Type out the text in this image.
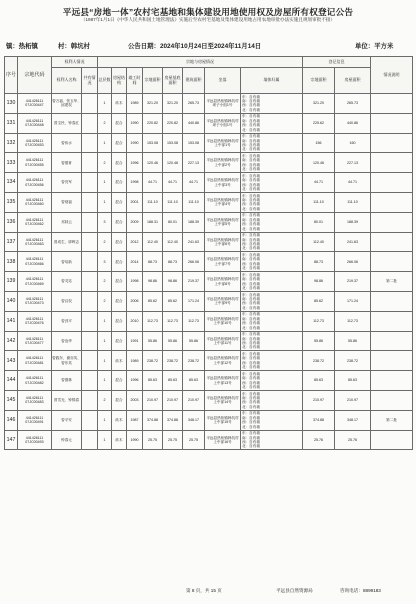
平远县“房地一体”农村宅基地和集体建设用地使用权及房屋所有权登记公告
（1987年1月1日《中华人民共和国土地管理法》实施后至农村宅基地及集体建设用地占用农地审批办法实施且规划审批不接）
镇：热柘镇	村：韩坑村	公告日期：2024年10月24日至2024年11月14日	单位：平方米
序号	宗地代码	权利人情况		宗地与房屋情况								登记信息		情况说明
		权利人名称	共有情况	总层数	房屋结构	竣工时间	宗地面积	房屋基底面积	建筑面积	坐落	墙体归属	宗地面积	房屋面积	
130	441426111 07JC00447	曾万福、张玉华、邱建权		1	砖木	1989	321.20	321.20	265.73	平远县热柘镇韩坑村坝子小组1号	东：自有墙
南：自有墙
西：自有墙
北：自有墙	321.20	265.73	
131	441426111 07JC00448	曾宝民、钟春红		2	混合	1990	220.82	220.82	440.86	平远县热柘镇韩坑村坝子小组1号	东：自有墙
南：自有墙
西：自有墙
北：自有墙	225.62	440.86	
132	441426111 07JC00453	曾伟水		1	混合	1990	153.08	153.08	153.08	平远县热柘镇韩坑村上中部1号	东：自有墙
南：自有墙
西：自有墙
北：自有墙	156	160	
133	441426111 07JC00455	曾德育		2	混合	1996	120.46	120.46	227.13	平远县热柘镇韩坑村上中部2号	东：自有墙
南：自有墙
西：自有墙
北：自有墙	120.46	227.13	
134	441426111 07JC00456	曾亮军		1	混合	1998	44.71	44.71	44.71	平远县热柘镇韩坑村上中部3号	东：自有墙
南：自有墙
西：自有墙
北：自有墙	44.71	44.71	
135	441426111 07JC00460	曾财福		1	混合	2001	111.10	111.10	111.10	平远县热柘镇韩坑村上中部4号	东：自有墙
南：自有墙
西：自有墙
北：自有墙	111.10	111.10	
136	441426111 07JC00462	邓妹云		3	混合	2009	188.31	80.01	188.39	平远县热柘镇韩坑村上中部5号	东：自有墙
南：自有墙
西：自有墙
北：自有墙	80.01	188.39	
137	441426111 07JC00463	曾成生、廖晖志		2	混合	2012	112.40	112.40	241.63	平远县热柘镇韩坑村上中部6号	东：自有墙
南：自有墙
西：自有墙
北：自有墙	112.40	241.63	
138	441426111 07JC00466	曾培新		3	混合	2014	88.73	88.73	266.06	平远县热柘镇韩坑村上中部7号	东：自有墙
南：自有墙
西：自有墙
北：自有墙	88.73	266.06	
139	441426111 07JC00469	曾灵祐		2	混合	1998	98.86	98.86	219.37	平远县热柘镇韩坑村上中部8号	东：自有墙
南：自有墙
西：自有墙
北：自有墙	98.86	219.37	第二批
140	441426111 07JC00473	曾汉权		2	混合	2006	85.62	85.62	171.24	平远县热柘镇韩坑村上中部9号	东：自有墙
南：自有墙
西：自有墙
北：自有墙	85.62	171.24	
141	441426111 07JC00476	曾劲平		1	混合	2010	112.73	112.73	112.73	平远县热柘镇韩坑村上中部10号	东：自有墙
南：自有墙
西：自有墙
北：自有墙	112.73	112.73	
142	441426111 07JC00477	曾沧华		1	混合	1991	55.86	55.86	55.86	平远县热柘镇韩坑村上中部11号	东：自有墙
南：自有墙
西：自有墙
北：自有墙	55.86	55.86	
143	441426111 07JC00481	曾践东、谢亦英、曾东英		1	砖木	1989	238.72	238.72	238.72	平远县热柘镇韩坑村上中部12号	东：自有墙
南：自有墙
西：自有墙
北：自有墙	238.72	238.72	
144	441426111 07JC00482	曾德林		1	混合	1996	85.63	85.63	85.63	平远县热柘镇韩坑村上中部13号	东：自有墙
南：自有墙
西：自有墙
北：自有墙	85.63	85.63	
145	441426111 07JC00483	曾雪光、钟锦春		2	混合	2003	210.97	210.97	210.97	平远县热柘镇韩坑村上中部14号	东：自有墙
南：自有墙
西：自有墙
北：自有墙	210.97	210.97	
146	441426111 07JC00491	曾平安		1	砖木	1987	374.88	374.88	348.17	平远县热柘镇韩坑村上中部15号	东：自有墙
南：自有墙
西：自有墙
北：自有墙	374.88	348.17	第二批
147	441426111 07JC00493	钟春元		1	砖木	1990	25.75	25.75	25.75	平远县热柘镇韩坑村上中部16号	东：自有墙
南：自有墙
西：自有墙
北：自有墙	25.76	25.76	
第 8 页，共 15 页	平远县自然资源局	咨询电话：8899183
